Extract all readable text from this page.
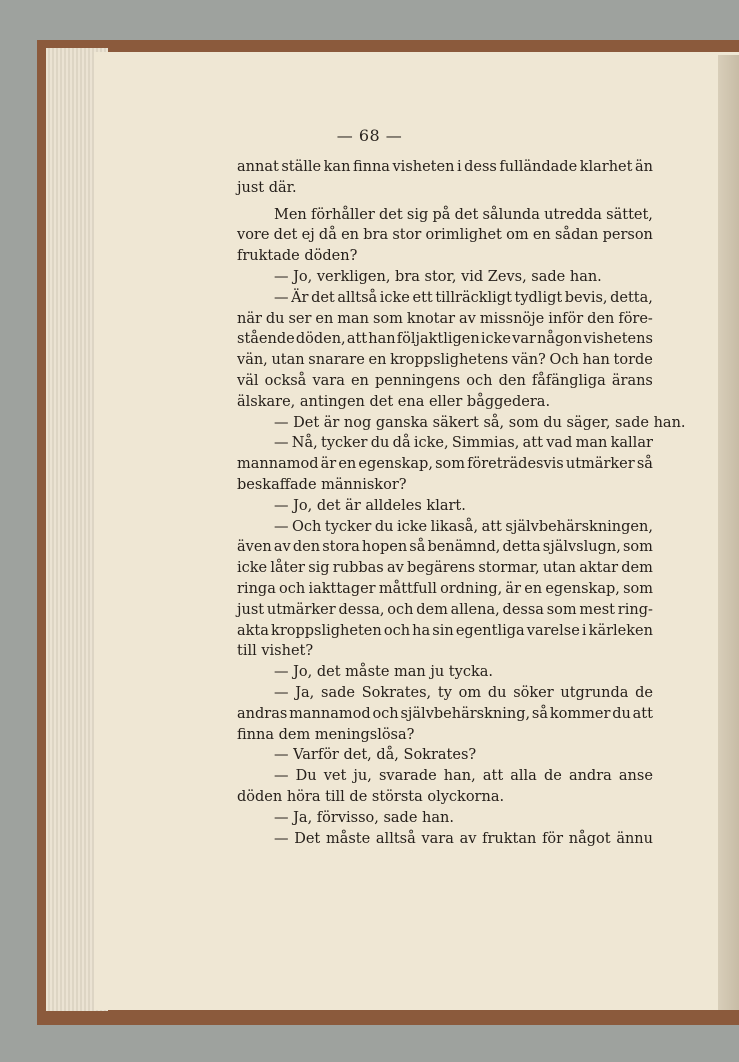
— 68 —
annat ställe kan finna visheten i dess fulländade klarhet än
just där.
Men förhåller det sig på det sålunda utredda sättet,
vore det ej då en bra stor orimlighet om en sådan person
fruktade döden?
— Jo, verkligen, bra stor, vid Zevs, sade han.
— Är det alltså icke ett tillräckligt tydligt bevis, detta,
när du ser en man som knotar av missnöje inför den före-
stående döden, att han följaktligen icke var någon vishetens
vän, utan snarare en kroppslighetens vän? Och han torde
väl också vara en penningens och den fåfängliga ärans
älskare, antingen det ena eller båggedera.
— Det är nog ganska säkert så, som du säger, sade han.
— Nå, tycker du då icke, Simmias, att vad man kallar
mannamod är en egenskap, som företrädesvis utmärker så
beskaffade människor?
— Jo, det är alldeles klart.
— Och tycker du icke likaså, att självbehärskningen,
även av den stora hopen så benämnd, detta självslugn, som
icke låter sig rubbas av begärens stormar, utan aktar dem
ringa och iakttager måttfull ordning, är en egenskap, som
just utmärker dessa, och dem allena, dessa som mest ring-
akta kroppsligheten och ha sin egentliga varelse i kärleken
till vishet?
— Jo, det måste man ju tycka.
— Ja, sade Sokrates, ty om du söker utgrunda de
andras mannamod och självbehärskning, så kommer du att
finna dem meningslösa?
— Varför det, då, Sokrates?
— Du vet ju, svarade han, att alla de andra anse
döden höra till de största olyckorna.
— Ja, förvisso, sade han.
— Det måste alltså vara av fruktan för något ännu
